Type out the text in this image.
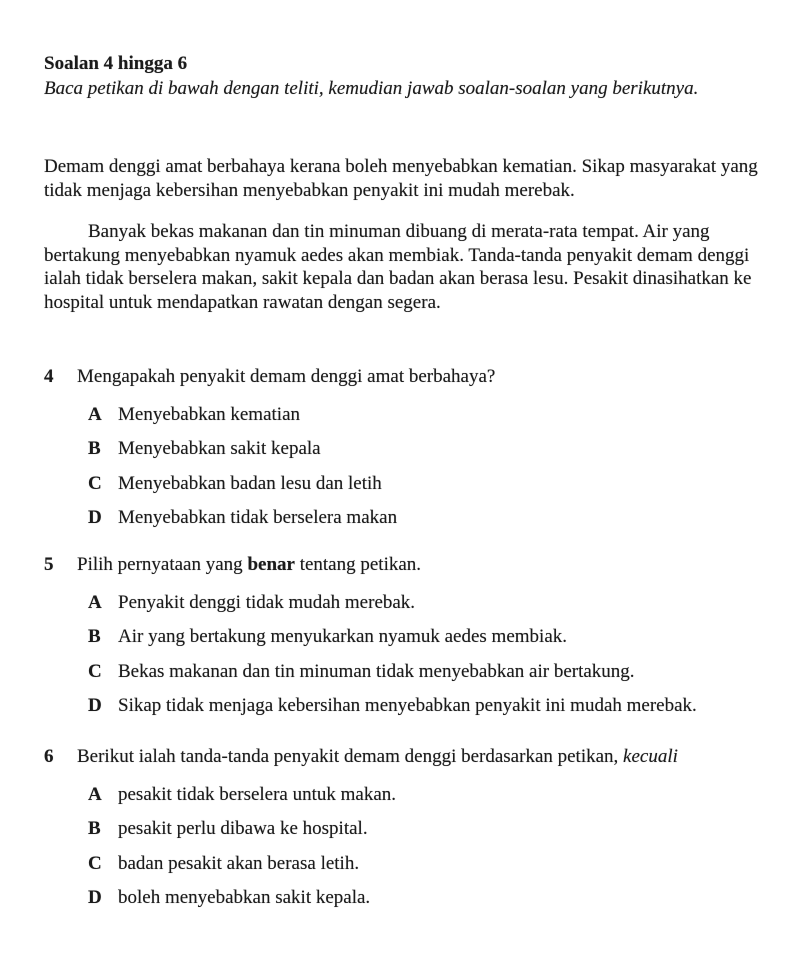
Soalan 4 hingga 6
Baca petikan di bawah dengan teliti, kemudian jawab soalan-soalan yang berikutnya.
Demam denggi amat berbahaya kerana boleh menyebabkan kematian. Sikap masyarakat yang tidak menjaga kebersihan menyebabkan penyakit ini mudah merebak.
Banyak bekas makanan dan tin minuman dibuang di merata-rata tempat. Air yang bertakung menyebabkan nyamuk aedes akan membiak. Tanda-tanda penyakit demam denggi ialah tidak berselera makan, sakit kepala dan badan akan berasa lesu. Pesakit dinasihatkan ke hospital untuk mendapatkan rawatan dengan segera.
4	Mengapakah penyakit demam denggi amat berbahaya?
A Menyebabkan kematian
B Menyebabkan sakit kepala
C Menyebabkan badan lesu dan letih
D Menyebabkan tidak berselera makan
5	Pilih pernyataan yang benar tentang petikan.
A Penyakit denggi tidak mudah merebak.
B Air yang bertakung menyukarkan nyamuk aedes membiak.
C Bekas makanan dan tin minuman tidak menyebabkan air bertakung.
D Sikap tidak menjaga kebersihan menyebabkan penyakit ini mudah merebak.
6	Berikut ialah tanda-tanda penyakit demam denggi berdasarkan petikan, kecuali
A pesakit tidak berselera untuk makan.
B pesakit perlu dibawa ke hospital.
C badan pesakit akan berasa letih.
D boleh menyebabkan sakit kepala.
